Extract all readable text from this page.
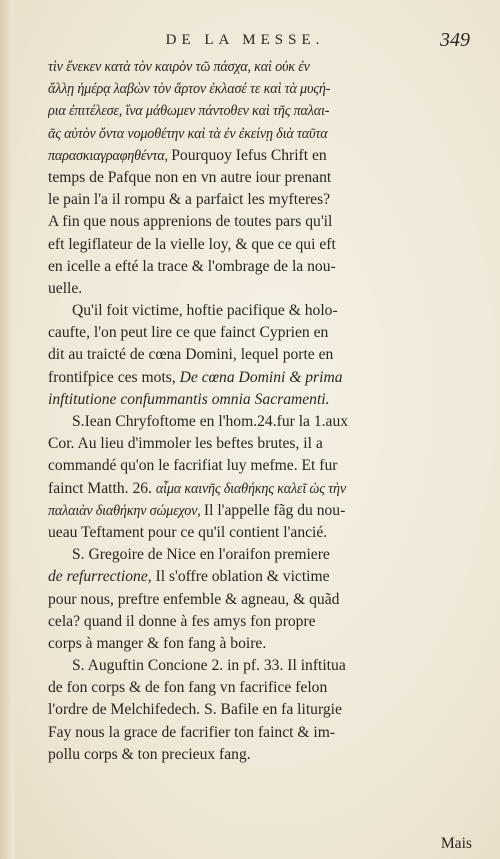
DE LA MESSE.	349
τὶν ἔνεκεν κατὰ τὸν καιρὸν τῶ πάσχα, καὶ οὐκ ἐν
ἄλλῃ ἡμέρᾳ λαβὼν τὸν ἄρτον ἐκλασέ τε καὶ τὰ μυςή-
ρια ἐπιτέλεσε, ἵνα μάθωμεν πάντοθεν καὶ τῆς παλαι-
ᾶς αὐτὸν ὄντα νομοθέτην καὶ τὰ ἐν ἐκείνῃ διὰ ταῦτα
παρασκιαγραφηθέντα, Pourquoy Iefus Chrift en
temps de Pafque non en vn autre iour prenant
le pain l'a il rompu & a parfaict les myfteres?
A fin que nous apprenions de toutes pars qu'il
eft legiflateur de la vielle loy, & que ce qui eft
en icelle a efté la trace & l'ombrage de la nou-
uelle.
Qu'il foit victime, hoftie pacifique & holo-
caufte, l'on peut lire ce que fainct Cyprien en
dit au traicté de cœna Domini, lequel porte en
frontifpice ces mots, De cœna Domini & prima
inftitutione confummantis omnia Sacramenti.
S.Iean Chryfoftome en l'hom.24.fur la 1.aux
Cor. Au lieu d'immoler les beftes brutes, il a
commandé qu'on le facrifiat luy mefme. Et fur
fainct Matth. 26. αἷμα καινῆς διαθήκης καλεῖ ὡς τὴν
παλαιὰν διαθήκην σώμεχον, Il l'appelle fãg du nou-
ueau Teftament pour ce qu'il contient l'ancié.
S. Gregoire de Nice en l'oraifon premiere
de refurrectione, Il s'offre oblation & victime
pour nous, preftre enfemble & agneau, & quãd
cela? quand il donne à fes amys fon propre
corps à manger & fon fang à boire.
S. Auguftin Concione 2. in pf. 33. Il inftitua
de fon corps & de fon fang vn facrifice felon
l'ordre de Melchifedech. S. Bafile en fa liturgie
Fay nous la grace de facrifier ton fainct & im-
pollu corps & ton precieux fang.
Mais
